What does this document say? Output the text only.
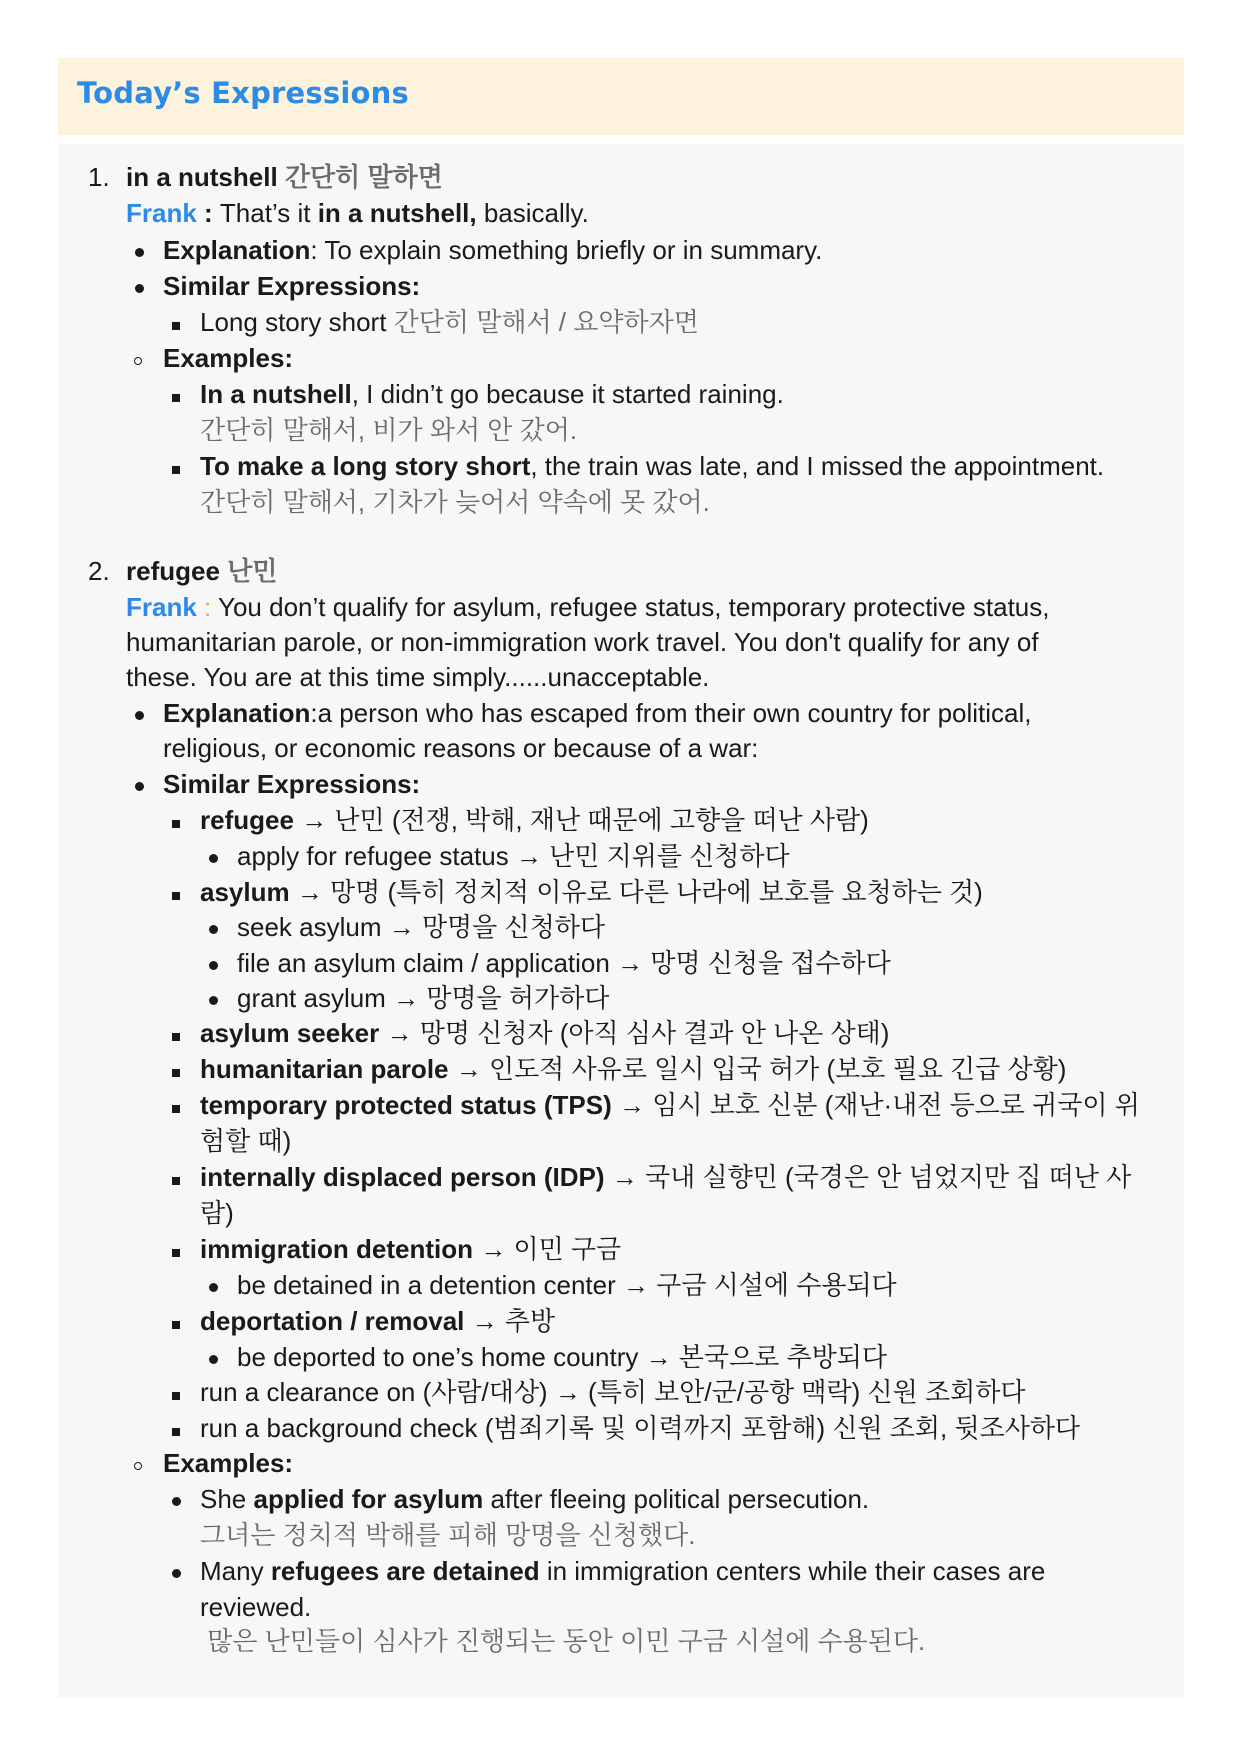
Today’s Expressions
1. in a nutshell 간단히 말하면
Frank : That’s it in a nutshell, basically.
Explanation: To explain something briefly or in summary.
Similar Expressions:
Long story short 간단히 말해서 / 요약하자면
Examples:
In a nutshell, I didn’t go because it started raining.
간단히 말해서, 비가 와서 안 갔어.
To make a long story short, the train was late, and I missed the appointment.
간단히 말해서, 기차가 늦어서 약속에 못 갔어.
2. refugee 난민
Frank : You don’t qualify for asylum, refugee status, temporary protective status,
humanitarian parole, or non-immigration work travel. You don't qualify for any of
these. You are at this time simply......unacceptable.
Explanation:a person who has escaped from their own country for political,
religious, or economic reasons or because of a war:
Similar Expressions:
refugee → 난민 (전쟁, 박해, 재난 때문에 고향을 떠난 사람)
apply for refugee status → 난민 지위를 신청하다
asylum → 망명 (특히 정치적 이유로 다른 나라에 보호를 요청하는 것)
seek asylum → 망명을 신청하다
file an asylum claim / application → 망명 신청을 접수하다
grant asylum → 망명을 허가하다
asylum seeker → 망명 신청자 (아직 심사 결과 안 나온 상태)
humanitarian parole → 인도적 사유로 일시 입국 허가 (보호 필요 긴급 상황)
temporary protected status (TPS) → 임시 보호 신분 (재난·내전 등으로 귀국이 위
험할 때)
internally displaced person (IDP) → 국내 실향민 (국경은 안 넘었지만 집 떠난 사
람)
immigration detention → 이민 구금
be detained in a detention center → 구금 시설에 수용되다
deportation / removal → 추방
be deported to one’s home country → 본국으로 추방되다
run a clearance on (사람/대상) → (특히 보안/군/공항 맥락) 신원 조회하다
run a background check (범죄기록 및 이력까지 포함해) 신원 조회, 뒷조사하다
Examples:
She applied for asylum after fleeing political persecution.
그녀는 정치적 박해를 피해 망명을 신청했다.
Many refugees are detained in immigration centers while their cases are
reviewed.
많은 난민들이 심사가 진행되는 동안 이민 구금 시설에 수용된다.
